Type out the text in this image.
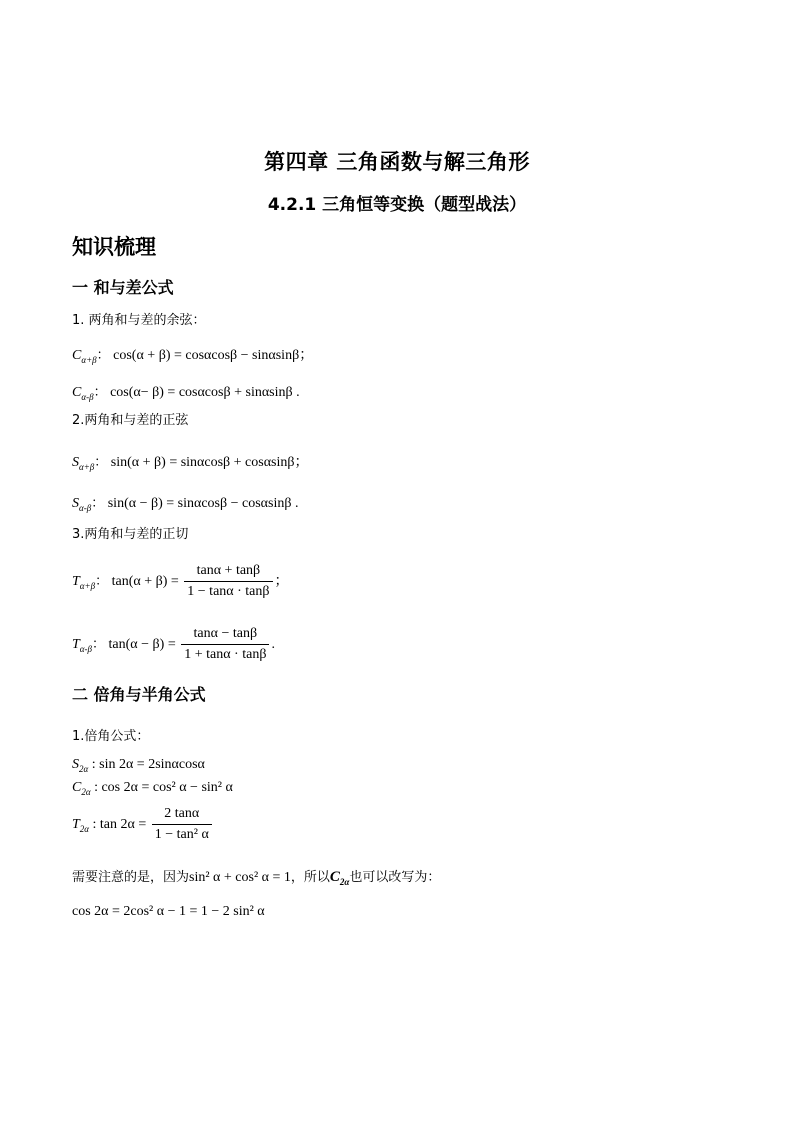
第四章 三角函数与解三角形
4.2.1 三角恒等变换（题型战法）
知识梳理
一 和与差公式
1. 两角和与差的余弦：
$C_{\alpha+\beta}$： cos(α + β) = cosαcosβ − sinαsinβ；
$C_{\alpha-\beta}$： cos(α− β) = cosαcosβ + sinαsinβ .
2.两角和与差的正弦
$S_{\alpha+\beta}$： sin(α + β) = sinαcosβ + cosαsinβ；
$S_{\alpha-\beta}$： sin(α − β) = sinαcosβ − cosαsinβ .
3.两角和与差的正切
$T_{\alpha+\beta}$： $\tan(\alpha + \beta) = \frac{\tan\alpha + \tan\beta}{1 - \tan\alpha \cdot \tan\beta}$ ；
$T_{\alpha-\beta}$： $\tan(\alpha - \beta) = \frac{\tan\alpha - \tan\beta}{1 + \tan\alpha \cdot \tan\beta}$ .
二 倍角与半角公式
1.倍角公式：
$S_{2\alpha}$ : sin 2α = 2sinαcosα
$C_{2\alpha}$ : cos 2α = cos² α − sin² α
$T_{2\alpha}$ : $\tan 2\alpha = \frac{2 \tan\alpha}{\text{1 − tan² α}}$
需要注意的是，因为sin² α + cos² α = 1，所以$C_{2\alpha}$也可以改写为：
cos 2α = 2cos² α − 1 = 1 − 2 sin² α
